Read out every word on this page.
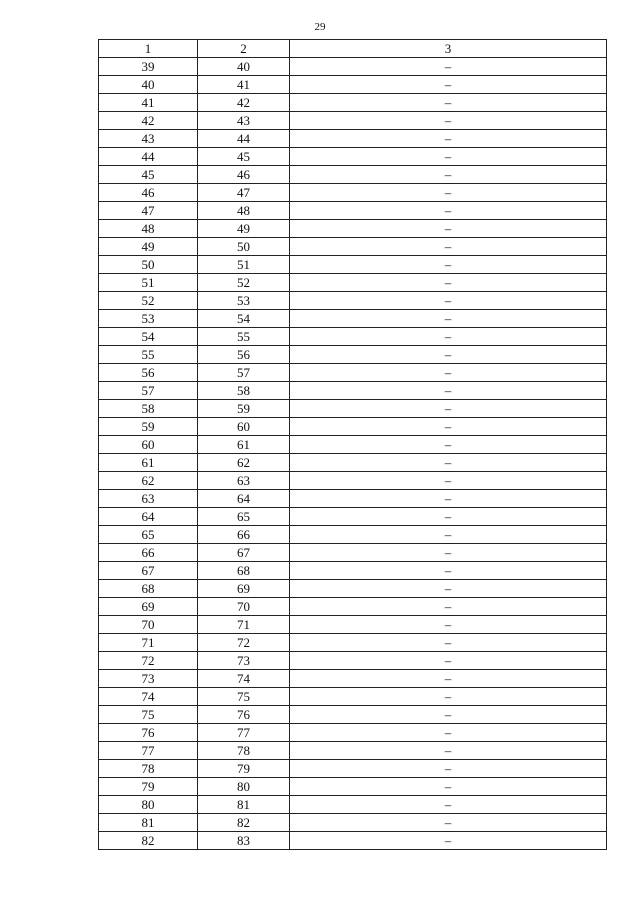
29
1	2	3
39	40	–
40	41	–
41	42	–
42	43	–
43	44	–
44	45	–
45	46	–
46	47	–
47	48	–
48	49	–
49	50	–
50	51	–
51	52	–
52	53	–
53	54	–
54	55	–
55	56	–
56	57	–
57	58	–
58	59	–
59	60	–
60	61	–
61	62	–
62	63	–
63	64	–
64	65	–
65	66	–
66	67	–
67	68	–
68	69	–
69	70	–
70	71	–
71	72	–
72	73	–
73	74	–
74	75	–
75	76	–
76	77	–
77	78	–
78	79	–
79	80	–
80	81	–
81	82	–
82	83	–
